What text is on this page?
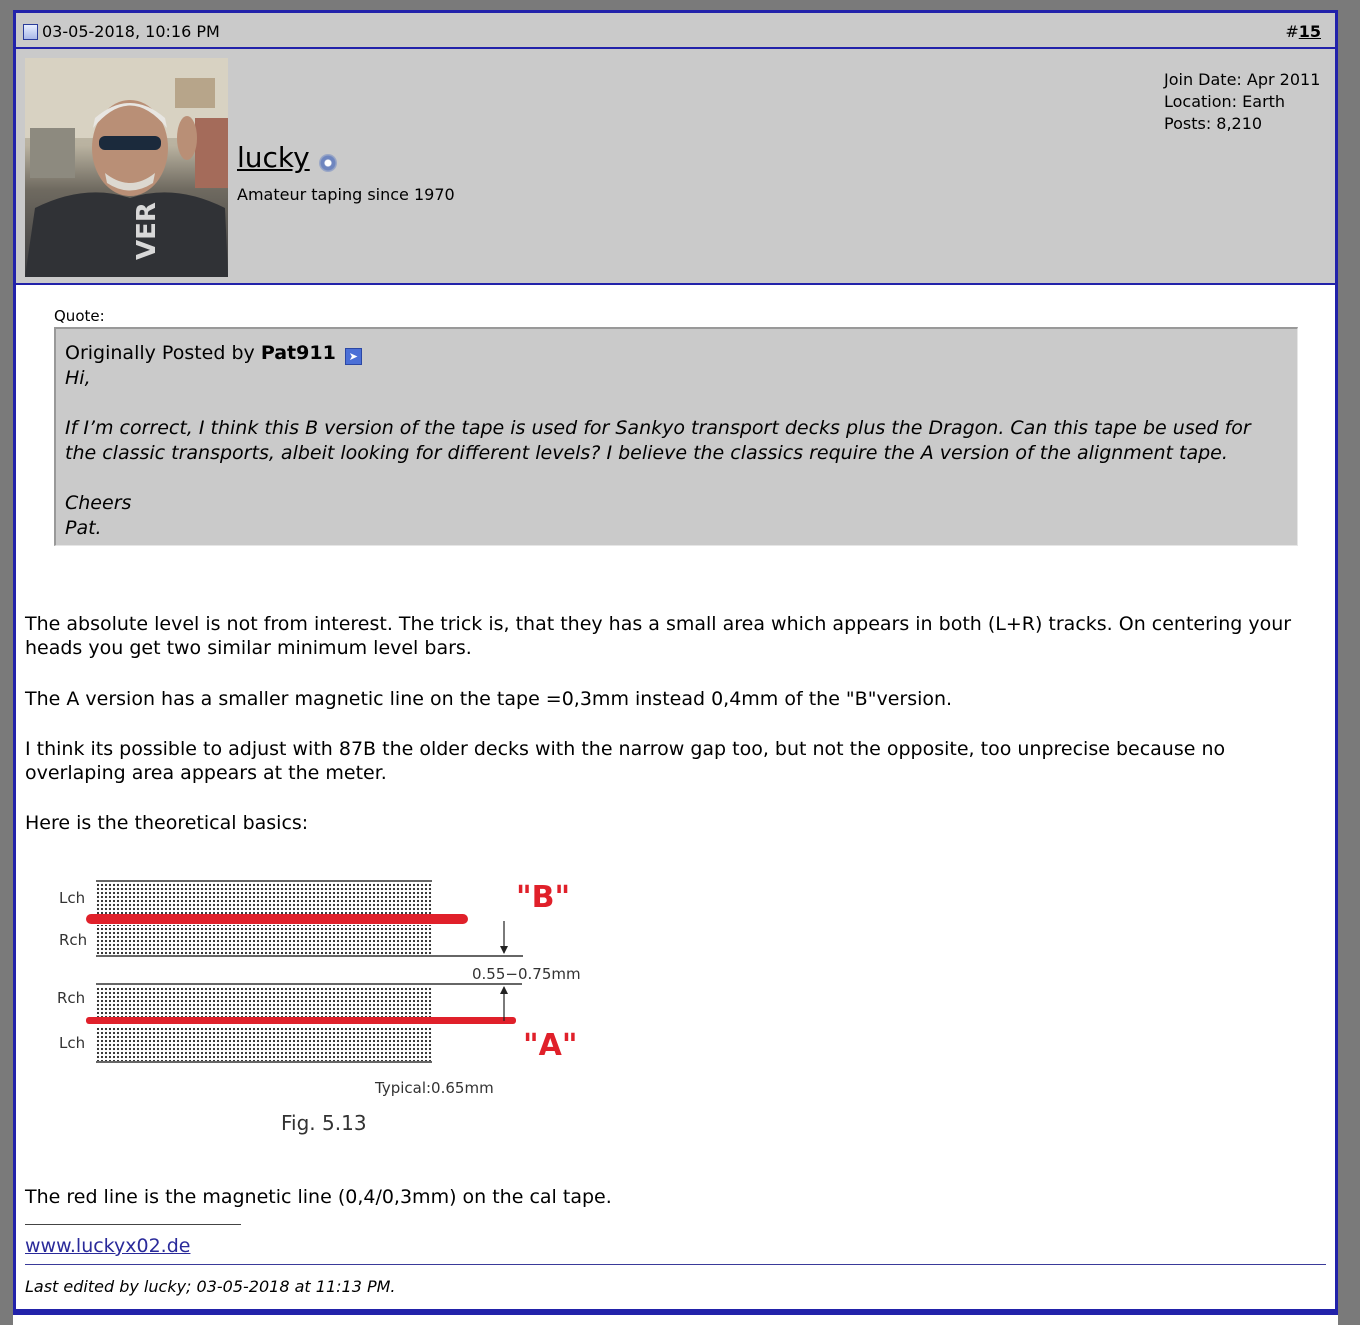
03-05-2018, 10:16 PM	#15
VER
lucky
Amateur taping since 1970
Join Date: Apr 2011
Location: Earth
Posts: 8,210
Quote:
Originally Posted by Pat911 ➤

Hi,

If I’m correct, I think this B version of the tape is used for Sankyo transport decks plus the Dragon. Can this tape be used for the classic transports, albeit looking for different levels? I believe the classics require the A version of the alignment tape.

Cheers

Pat.

The absolute level is not from interest. The trick is, that they has a small area which appears in both (L+R) tracks. On centering your heads you get two similar minimum level bars.
The A version has a smaller magnetic line on the tape =0,3mm instead 0,4mm of the "B"version.
I think its possible to adjust with 87B the older decks with the narrow gap too, but not the opposite, too unprecise because no overlaping area appears at the meter.
Here is the theoretical basics:
Lch
Rch
Rch
Lch
"B"
"A"
0.55−0.75mm
Typical:0.65mm
Fig. 5.13
The red line is the magnetic line (0,4/0,3mm) on the cal tape.
www.luckyx02.de
Last edited by lucky; 03-05-2018 at 11:13 PM.
